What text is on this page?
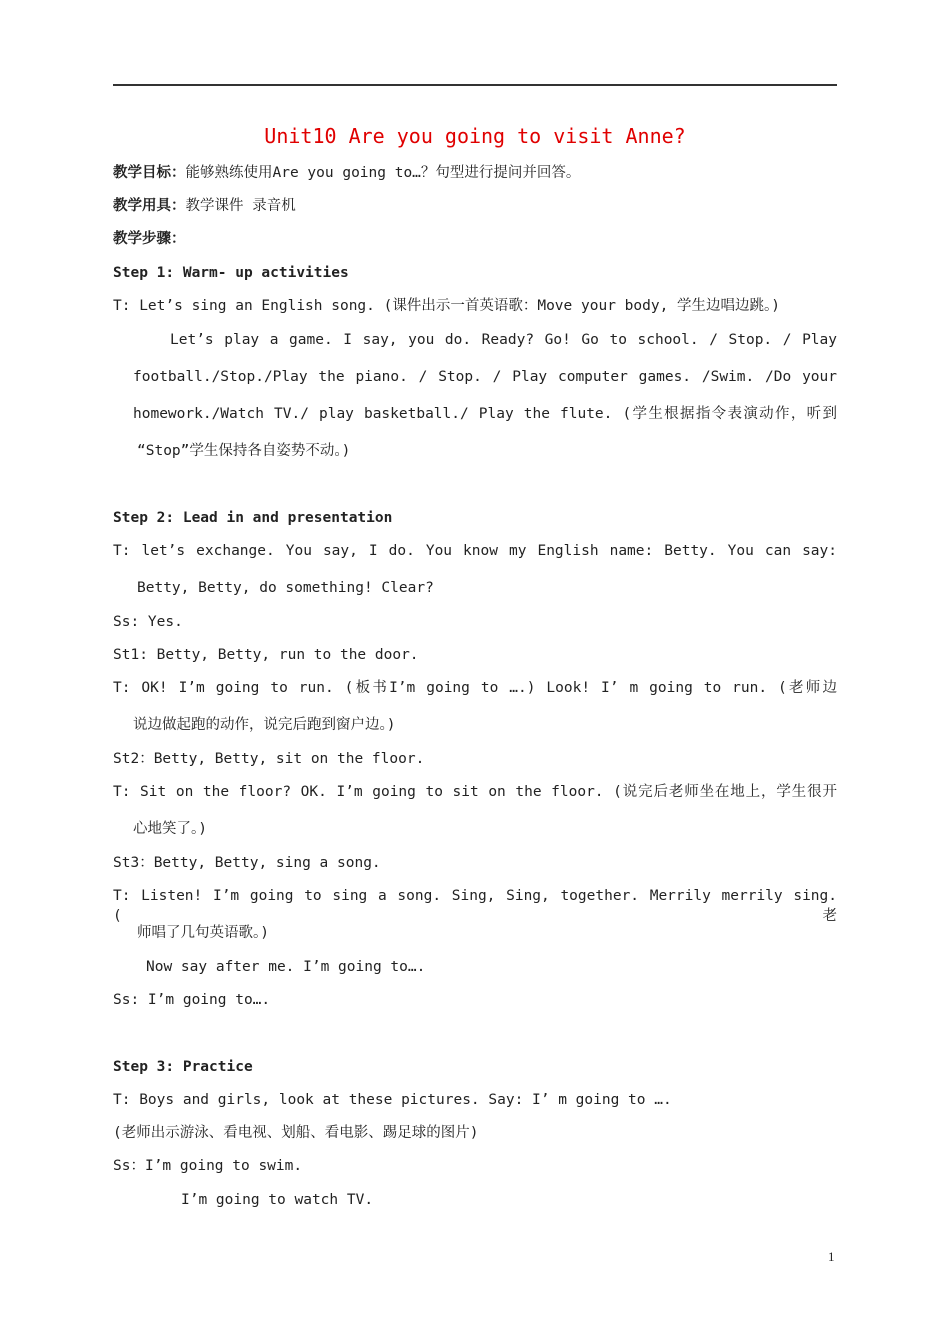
Unit10 Are you going to visit Anne?
教学目标：能够熟练使用Are you going to…？句型进行提问并回答。
教学用具：教学课件 录音机
教学步骤：
Step 1: Warm- up activities
T: Let’s sing an English song. (课件出示一首英语歌：Move your body, 学生边唱边跳。)
Let’s play a game. I say, you do. Ready? Go! Go to school. / Stop. / Play
football./Stop./Play the piano. / Stop. / Play computer games. /Swim. /Do your
homework./Watch TV./ play basketball./ Play the flute. (学生根据指令表演动作，听到
“Stop”学生保持各自姿势不动。)
Step 2: Lead in and presentation
T: let’s exchange. You say, I do. You know my English name: Betty. You can say:
Betty, Betty, do something! Clear?
Ss: Yes.
St1: Betty, Betty, run to the door.
T: OK! I’m going to run. (板书I’m going to ….) Look! I’ m going to run. (老师边
说边做起跑的动作，说完后跑到窗户边。)
St2：Betty, Betty, sit on the floor.
T: Sit on the floor? OK. I’m going to sit on the floor. (说完后老师坐在地上，学生很开
心地笑了。)
St3：Betty, Betty, sing a song.
T: Listen! I’m going to sing a song. Sing, Sing, together. Merrily merrily sing. (老
师唱了几句英语歌。)
Now say after me. I’m going to….
Ss: I’m going to….
Step 3: Practice
T: Boys and girls, look at these pictures. Say: I’ m going to ….
(老师出示游泳、看电视、划船、看电影、踢足球的图片)
Ss：I’m going to swim.
I’m going to watch TV.
1
